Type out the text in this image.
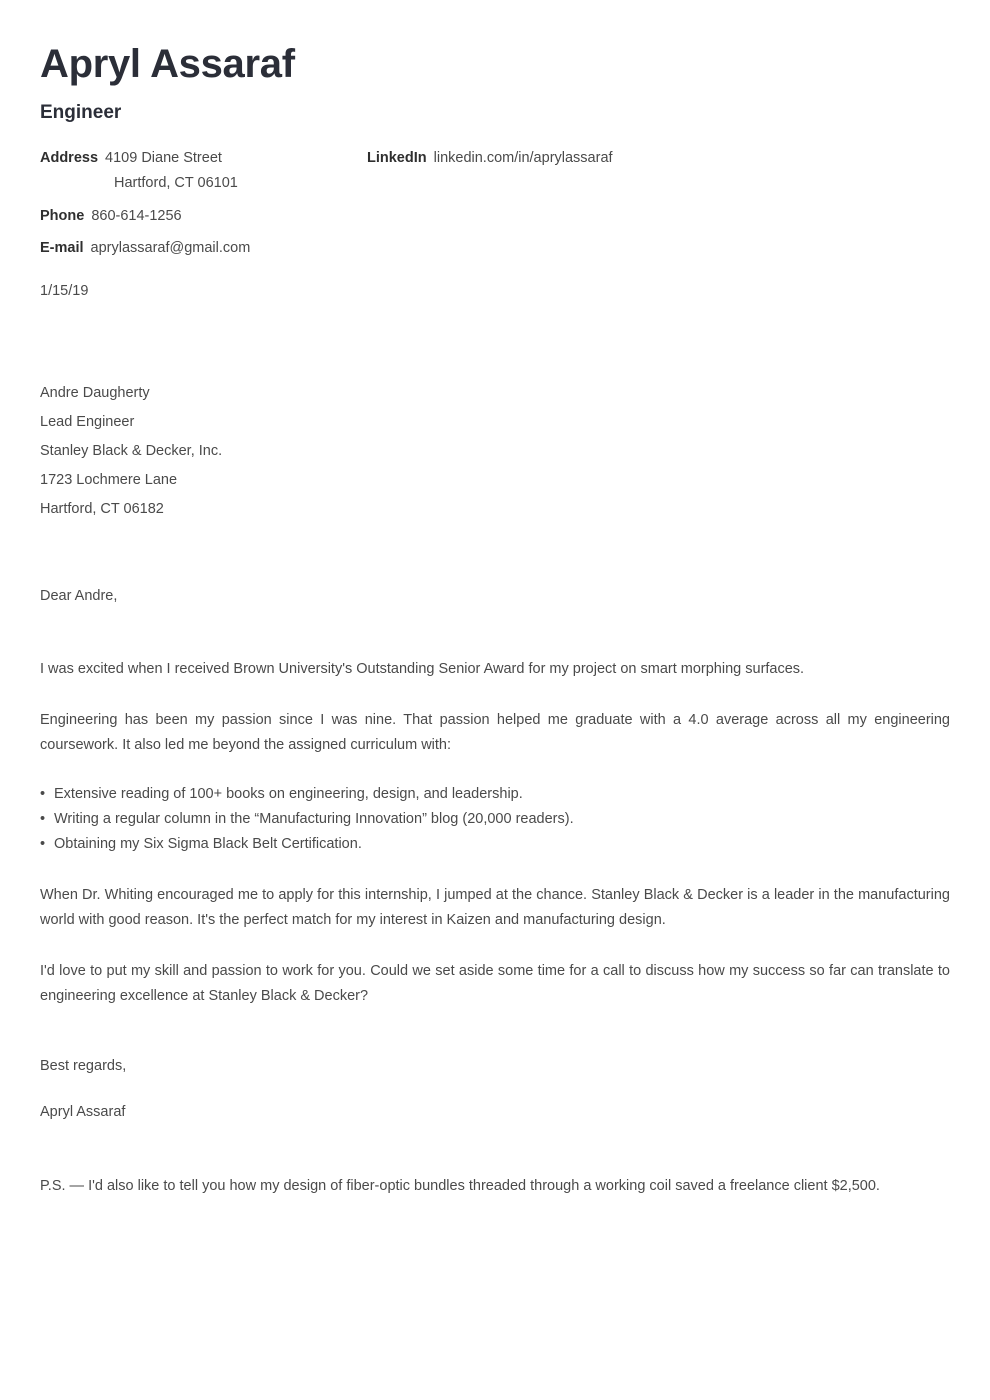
Apryl Assaraf
Engineer
Address 4109 Diane Street
Hartford, CT 06101
Phone 860-614-1256
E-mail aprylassaraf@gmail.com
LinkedIn linkedin.com/in/aprylassaraf
1/15/19
Andre Daugherty
Lead Engineer
Stanley Black & Decker, Inc.
1723 Lochmere Lane
Hartford, CT 06182
Dear Andre,

I was excited when I received Brown University's Outstanding Senior Award for my project on smart morphing surfaces.

Engineering has been my passion since I was nine. That passion helped me graduate with a 4.0 average across all my engineering coursework. It also led me beyond the assigned curriculum with:

• Extensive reading of 100+ books on engineering, design, and leadership.
• Writing a regular column in the “Manufacturing Innovation” blog (20,000 readers).
• Obtaining my Six Sigma Black Belt Certification.

When Dr. Whiting encouraged me to apply for this internship, I jumped at the chance. Stanley Black & Decker is a leader in the manufacturing world with good reason. It's the perfect match for my interest in Kaizen and manufacturing design.

I'd love to put my skill and passion to work for you. Could we set aside some time for a call to discuss how my success so far can translate to engineering excellence at Stanley Black & Decker?

Best regards,
Apryl Assaraf
P.S. — I'd also like to tell you how my design of fiber-optic bundles threaded through a working coil saved a freelance client $2,500.
